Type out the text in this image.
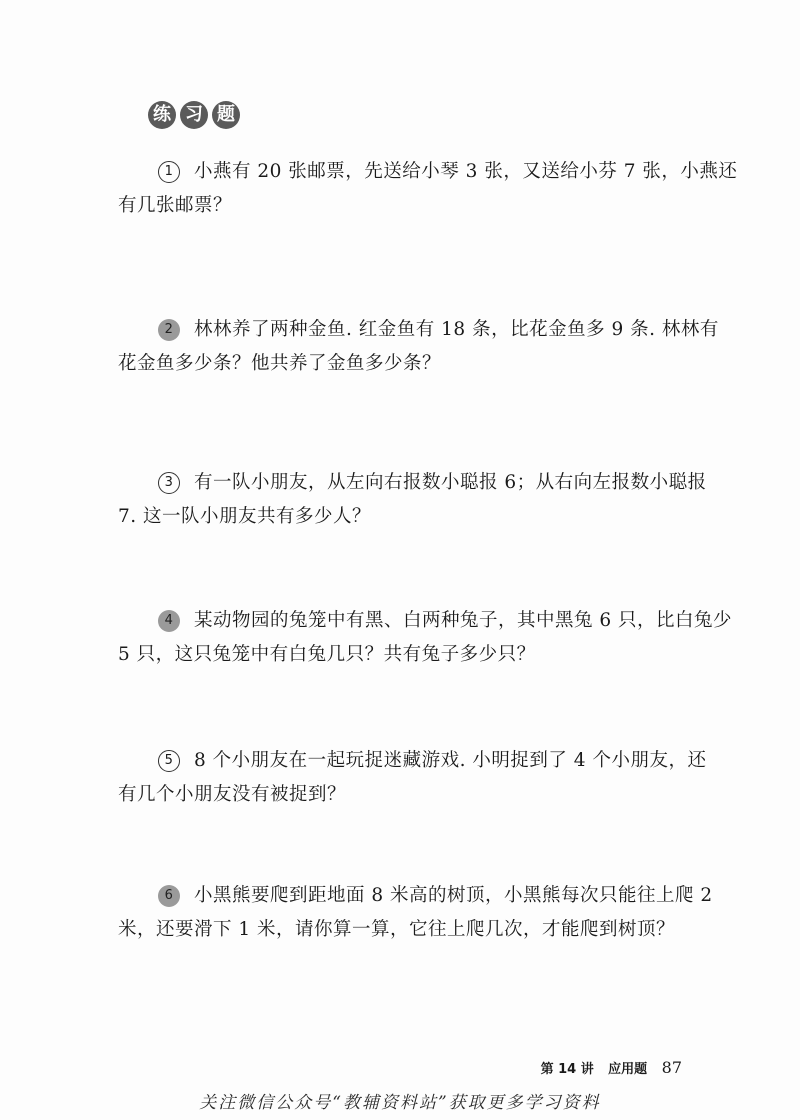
练 习 题
1 小燕有 20 张邮票，先送给小琴 3 张，又送给小芬 7 张，小燕还
有几张邮票？
2 林林养了两种金鱼. 红金鱼有 18 条，比花金鱼多 9 条. 林林有
花金鱼多少条？他共养了金鱼多少条？
3 有一队小朋友，从左向右报数小聪报 6；从右向左报数小聪报
7. 这一队小朋友共有多少人？
4 某动物园的兔笼中有黑、白两种兔子，其中黑兔 6 只，比白兔少
5 只，这只兔笼中有白兔几只？共有兔子多少只？
5 8 个小朋友在一起玩捉迷藏游戏. 小明捉到了 4 个小朋友，还
有几个小朋友没有被捉到？
6 小黑熊要爬到距地面 8 米高的树顶，小黑熊每次只能往上爬 2
米，还要滑下 1 米，请你算一算，它往上爬几次，才能爬到树顶？
第 14 讲 应用题 87
关注微信公众号“教辅资料站”获取更多学习资料
